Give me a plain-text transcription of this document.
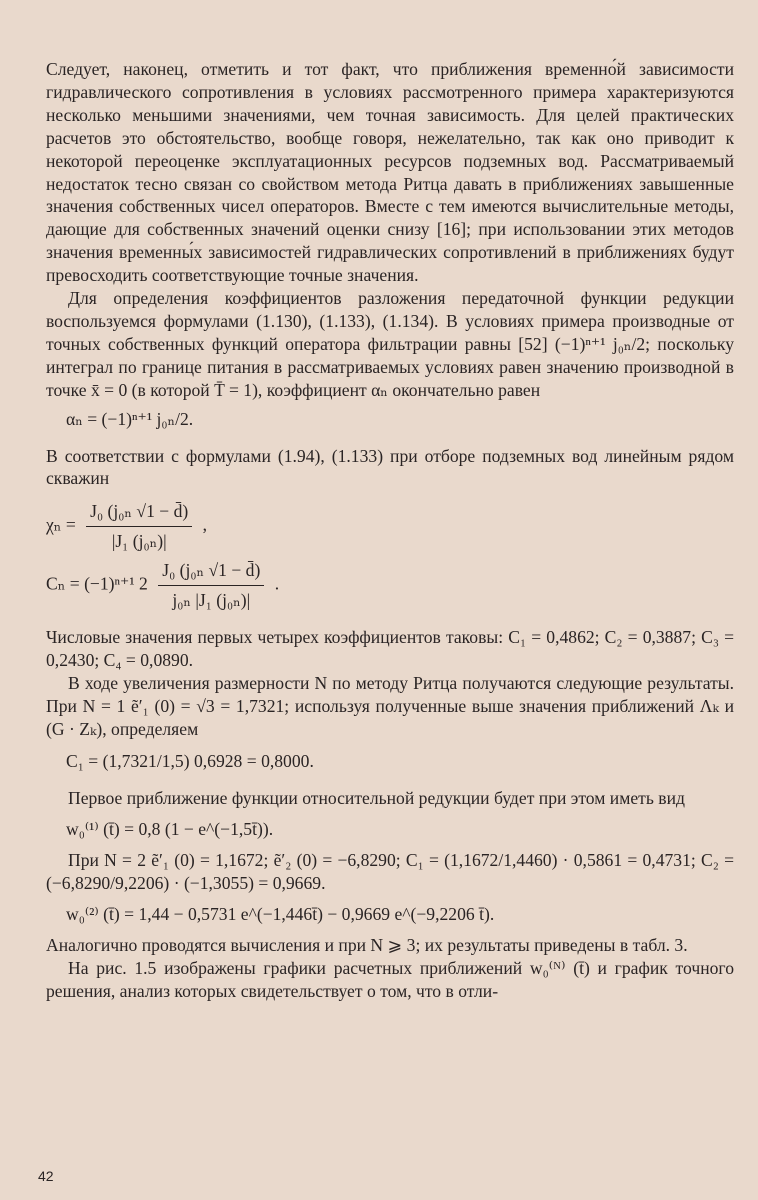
Следует, наконец, отметить и тот факт, что приближения временно́й зависимости гидравлического сопротивления в условиях рассмотренного примера характеризуются несколько меньшими значениями, чем точная зависимость. Для целей практических расчетов это обстоятельство, вообще говоря, нежелательно, так как оно приводит к некоторой переоценке эксплуатационных ресурсов подземных вод. Рассматриваемый недостаток тесно связан со свойством метода Ритца давать в приближениях завышенные значения собственных чисел операторов. Вместе с тем имеются вычислительные методы, дающие для собственных значений оценки снизу [16]; при использовании этих методов значения временны́х зависимостей гидравлических сопротивлений в приближениях будут превосходить соответствующие точные значения.

Для определения коэффициентов разложения передаточной функции редукции воспользуемся формулами (1.130), (1.133), (1.134). В условиях примера производные от точных собственных функций оператора фильтрации равны [52] (−1)ⁿ⁺¹ j₀ₙ/2; поскольку интеграл по границе питания в рассматриваемых условиях равен значению производной в точке x̄ = 0 (в которой T̄ = 1), коэффициент αₙ окончательно равен

αₙ = (−1)ⁿ⁺¹ j₀ₙ/2.

В соответствии с формулами (1.94), (1.133) при отборе подземных вод линейным рядом скважин

$\chi_n = \frac{\text{J₀ (j₀ₙ √1 − d̄)}}{\text{|J₁ (j₀ₙ)|}}$ ,
Cₙ = (−1)ⁿ⁺¹ $2 \frac{\text{J₀ (j₀ₙ √1 − d̄)}}{\text{j₀ₙ |J₁ (j₀ₙ)|}}$ .

Числовые значения первых четырех коэффициентов таковы: C₁ = 0,4862; C₂ = 0,3887; C₃ = 0,2430; C₄ = 0,0890.

В ходе увеличения размерности N по методу Ритца получаются следующие результаты. При N = 1 ẽ′₁ (0) = √3 = 1,7321; используя полученные выше значения приближений Λₖ и (G · Zₖ), определяем

C₁ = (1,7321/1,5) 0,6928 = 0,8000.

Первое приближение функции относительной редукции будет при этом иметь вид

w₀⁽¹⁾ (t̄) = 0,8 (1 − e^(−1,5t̄)).

При N = 2 ẽ′₁ (0) = 1,1672; ẽ′₂ (0) = −6,8290; C₁ = (1,1672/1,4460) · 0,5861 = 0,4731; C₂ = (−6,8290/9,2206) · (−1,3055) = 0,9669.

w₀⁽²⁾ (t̄) = 1,44 − 0,5731 e^(−1,446t̄) − 0,9669 e^(−9,2206 t̄).

Аналогично проводятся вычисления и при N ⩾ 3; их результаты приведены в табл. 3.

На рис. 1.5 изображены графики расчетных приближений w₀⁽ᴺ⁾ (t̄) и график точного решения, анализ которых свидетельствует о том, что в отли-

42
